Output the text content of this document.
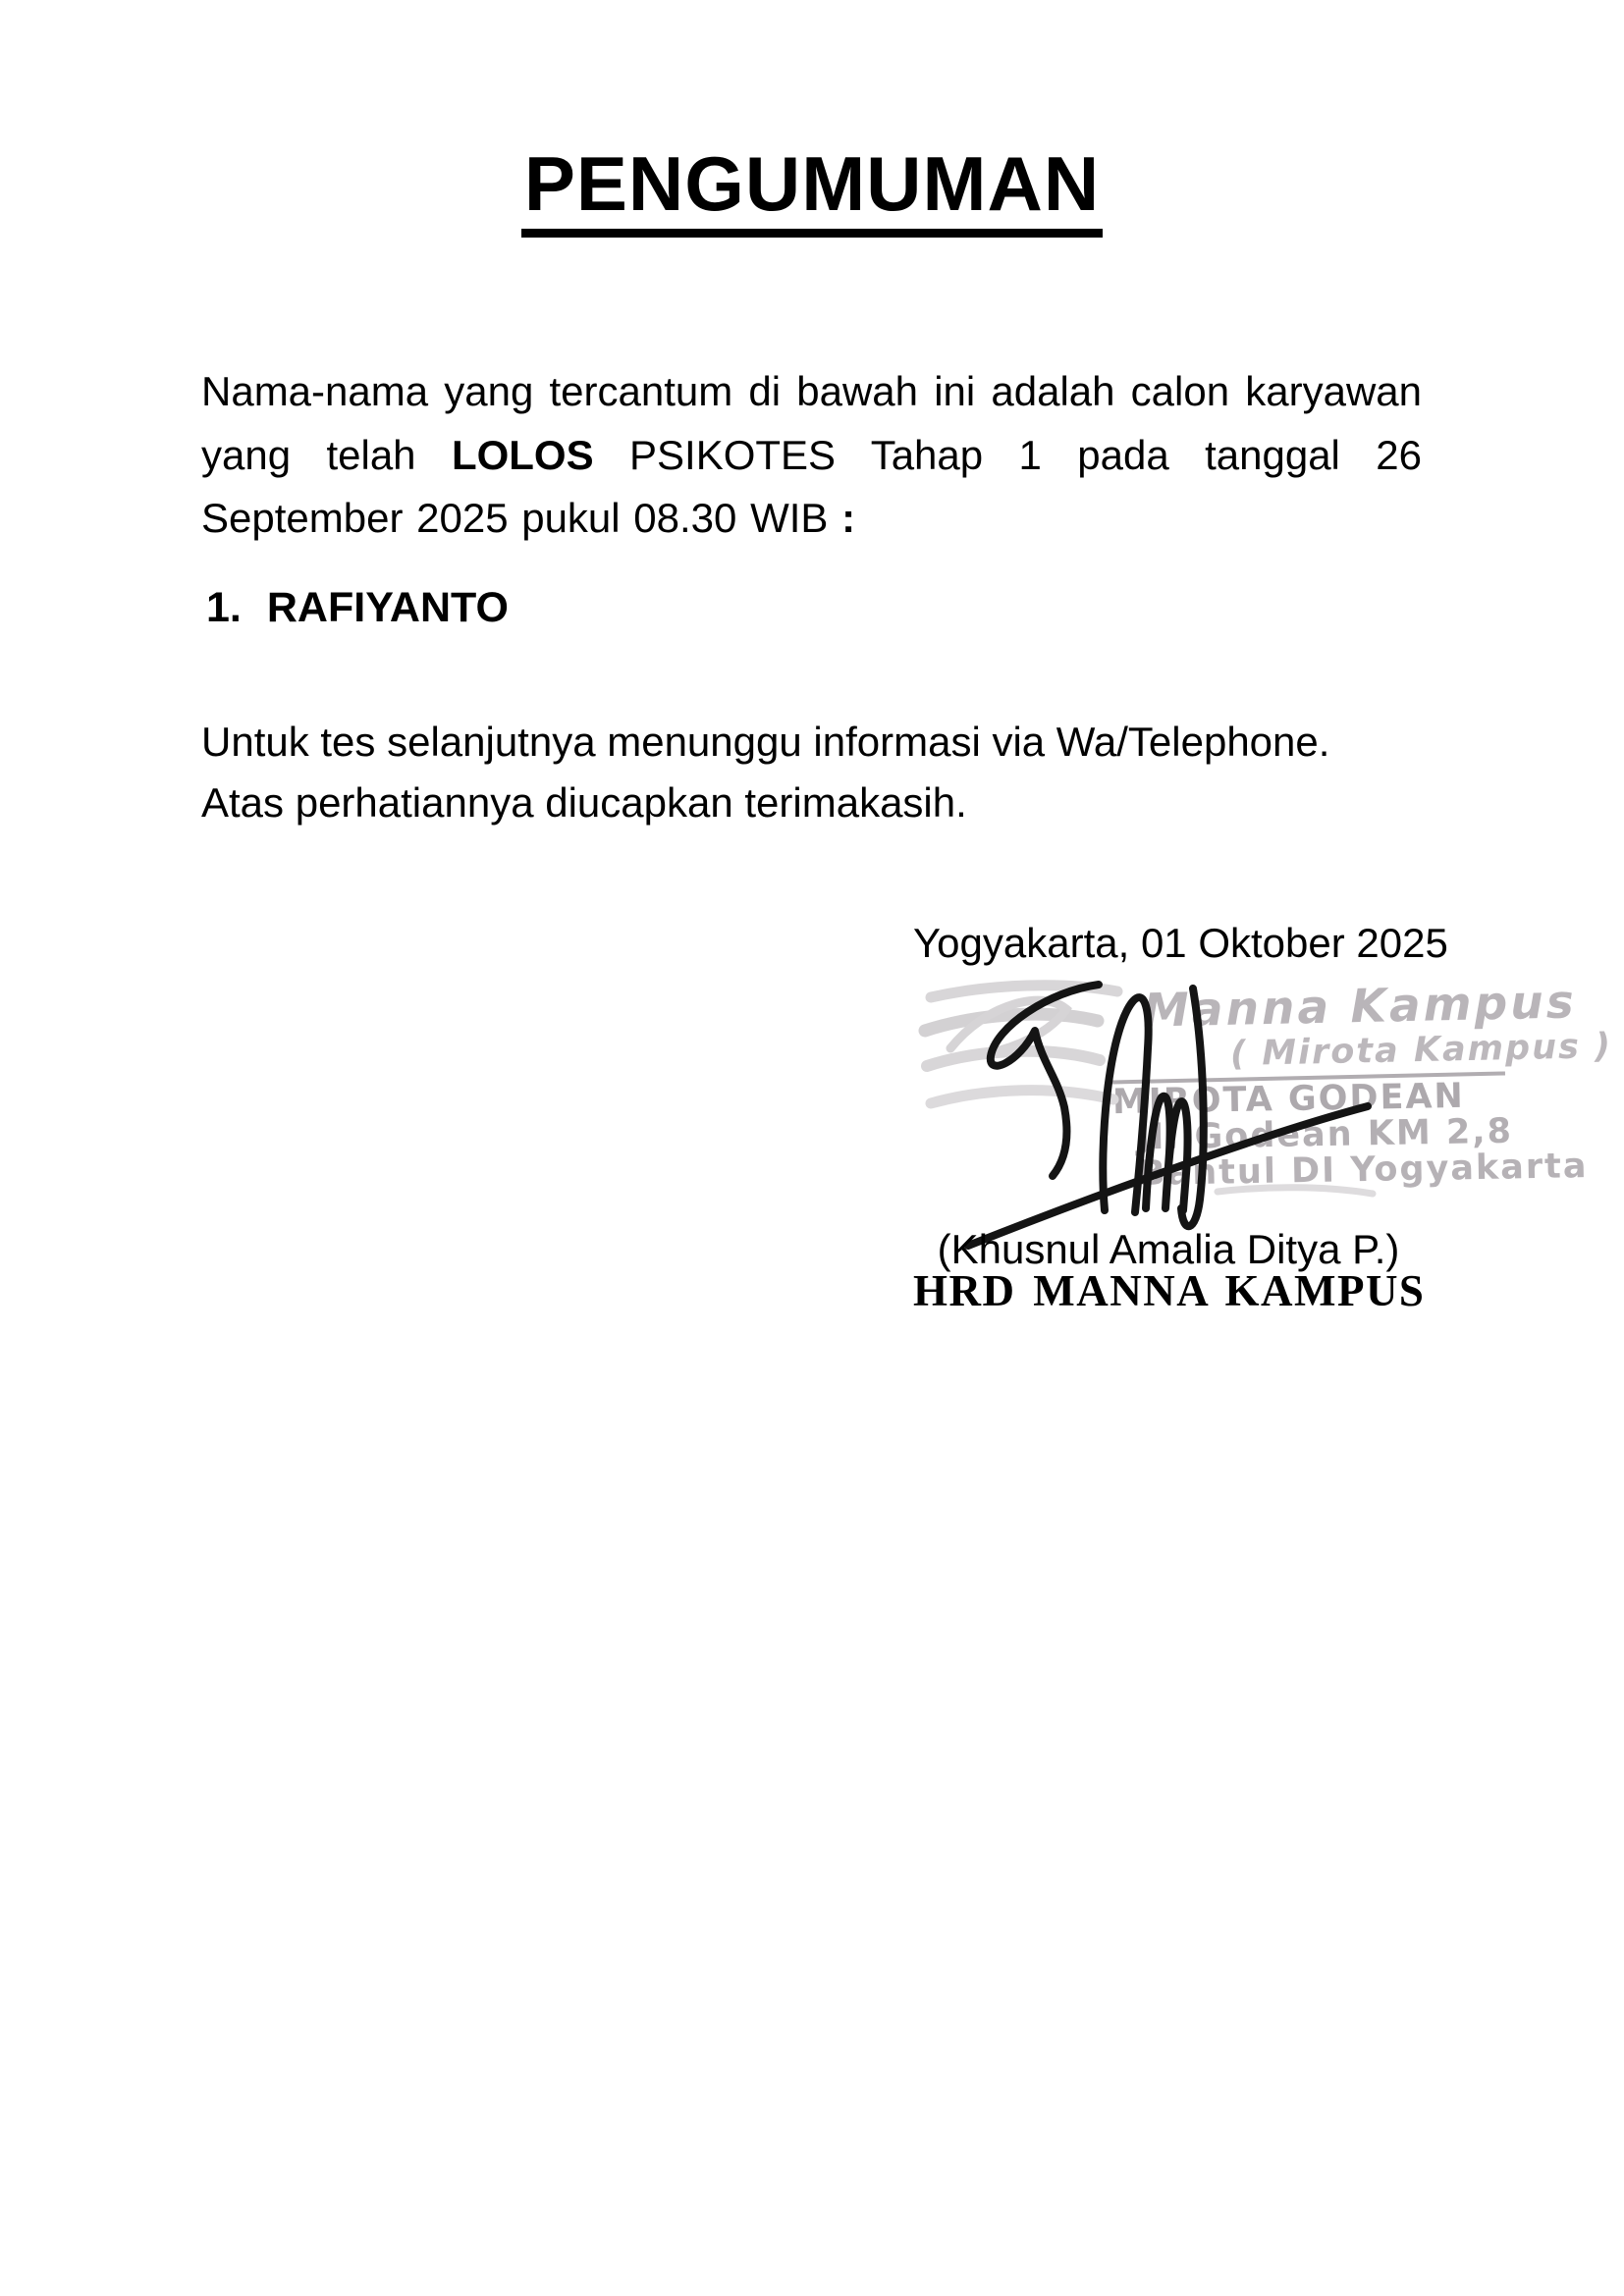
PENGUMUMAN

Nama-nama yang tercantum di bawah ini adalah calon karyawan yang telah LOLOS PSIKOTES Tahap 1 pada tanggal 26 September 2025 pukul 08.30 WIB :

1. RAFIYANTO
Untuk tes selanjutnya menunggu informasi via Wa/Telephone.
Atas perhatiannya diucapkan terimakasih.
Yogyakarta, 01 Oktober 2025
Manna Kampus
( Mirota Kampus )
MIROTA GODEAN
Jl. Godean KM 2,8
Bantul DI Yogyakarta
(Khusnul Amalia Ditya P.)
HRD MANNA KAMPUS
